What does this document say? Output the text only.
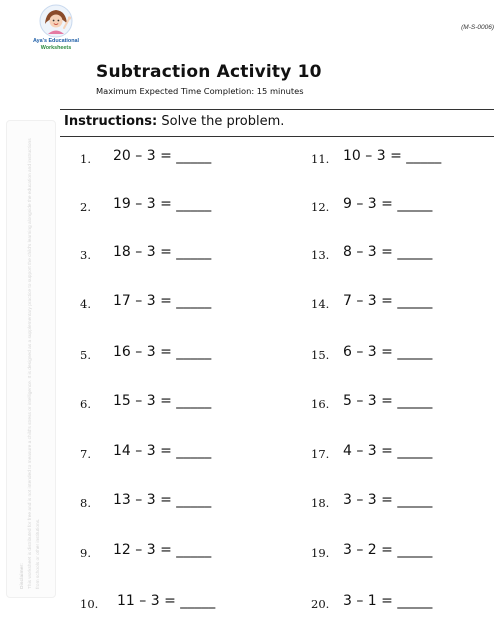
Aya's Educational
Worksheets
(M-S-0006)
Subtraction Activity 10
Maximum Expected Time Completion: 15 minutes
Instructions: Solve the problem.
Disclaimer: This worksheet is distributed for free and is not intended to measure a child's stress or intelligence. It is designed as a supplementary practice to support the child's learning alongside the education and instructions from schools or other institutions.
1. 20 – 3 = _____
2. 19 – 3 = _____
3. 18 – 3 = _____
4. 17 – 3 = _____
5. 16 – 3 = _____
6. 15 – 3 = _____
7. 14 – 3 = _____
8. 13 – 3 = _____
9. 12 – 3 = _____
10. 11 – 3 = _____
11. 10 – 3 = _____
12. 9 – 3 = _____
13. 8 – 3 = _____
14. 7 – 3 = _____
15. 6 – 3 = _____
16. 5 – 3 = _____
17. 4 – 3 = _____
18. 3 – 3 = _____
19. 3 – 2 = _____
20. 3 – 1 = _____
